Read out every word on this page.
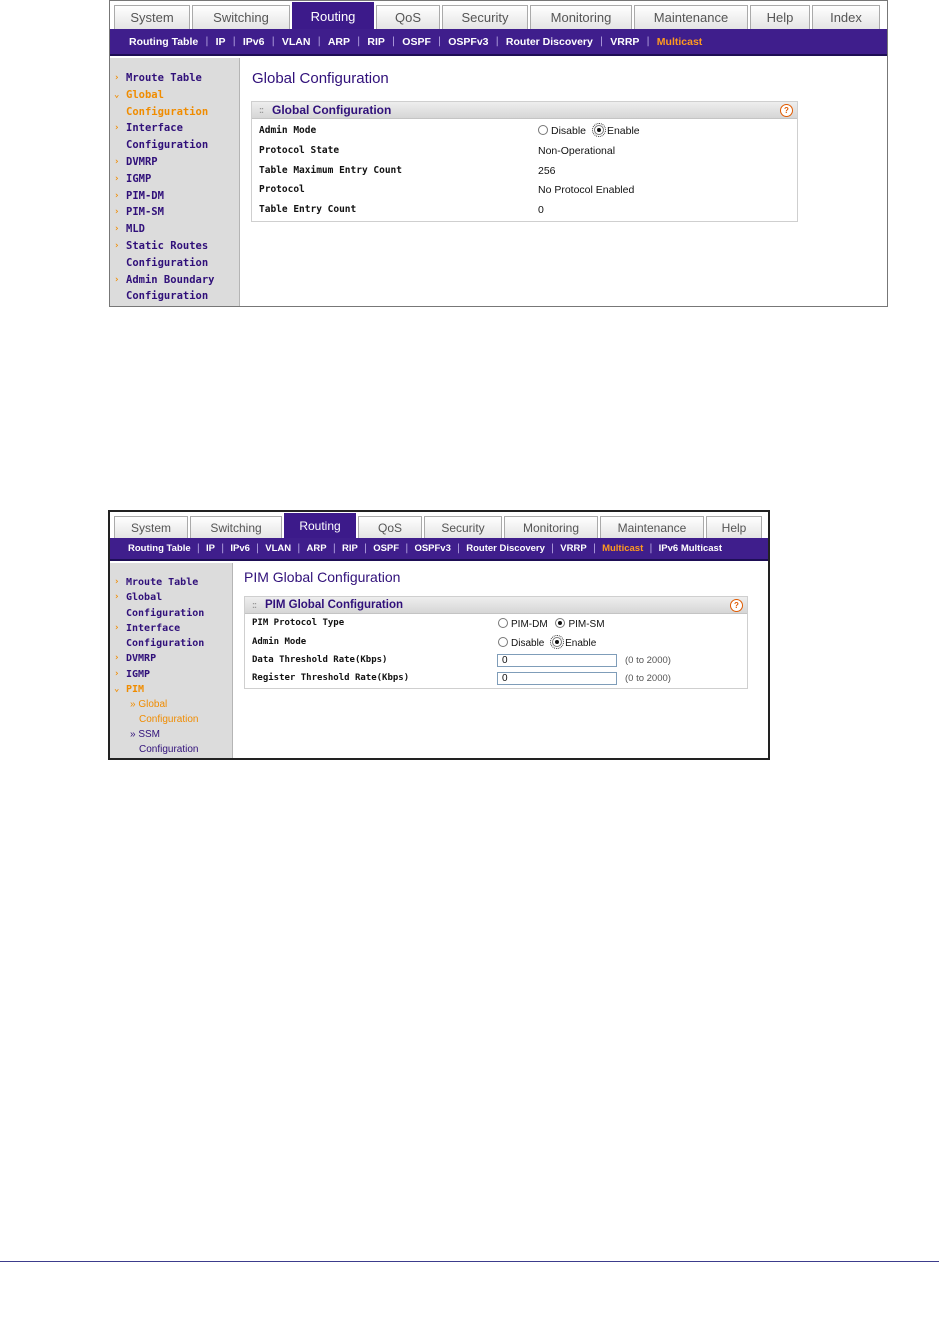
System	Switching	Routing	QoS	Security	Monitoring	Maintenance	Help	Index
Routing Table | IP | IPv6 | VLAN | ARP | RIP | OSPF | OSPFv3 | Router Discovery | VRRP | Multicast
› Mroute Table
⌄ Global
Configuration
› Interface
Configuration
› DVMRP
› IGMP
› PIM-DM
› PIM-SM
› MLD
› Static Routes
Configuration
› Admin Boundary
Configuration
Global Configuration
:: Global Configuration	?
Admin Mode	Disable Enable
Protocol State	Non-Operational
Table Maximum Entry Count	256
Protocol	No Protocol Enabled
Table Entry Count	0
System	Switching	Routing	QoS	Security	Monitoring	Maintenance	Help
Routing Table | IP | IPv6 | VLAN | ARP | RIP | OSPF | OSPFv3 | Router Discovery | VRRP | Multicast | IPv6 Multicast
› Mroute Table
› Global
Configuration
› Interface
Configuration
› DVMRP
› IGMP
⌄ PIM
» Global
Configuration
» SSM
Configuration
PIM Global Configuration
:: PIM Global Configuration	?
PIM Protocol Type	PIM-DM PIM-SM
Admin Mode	Disable Enable
Data Threshold Rate(Kbps)
0	(0 to 2000)
Register Threshold Rate(Kbps)
0	(0 to 2000)
